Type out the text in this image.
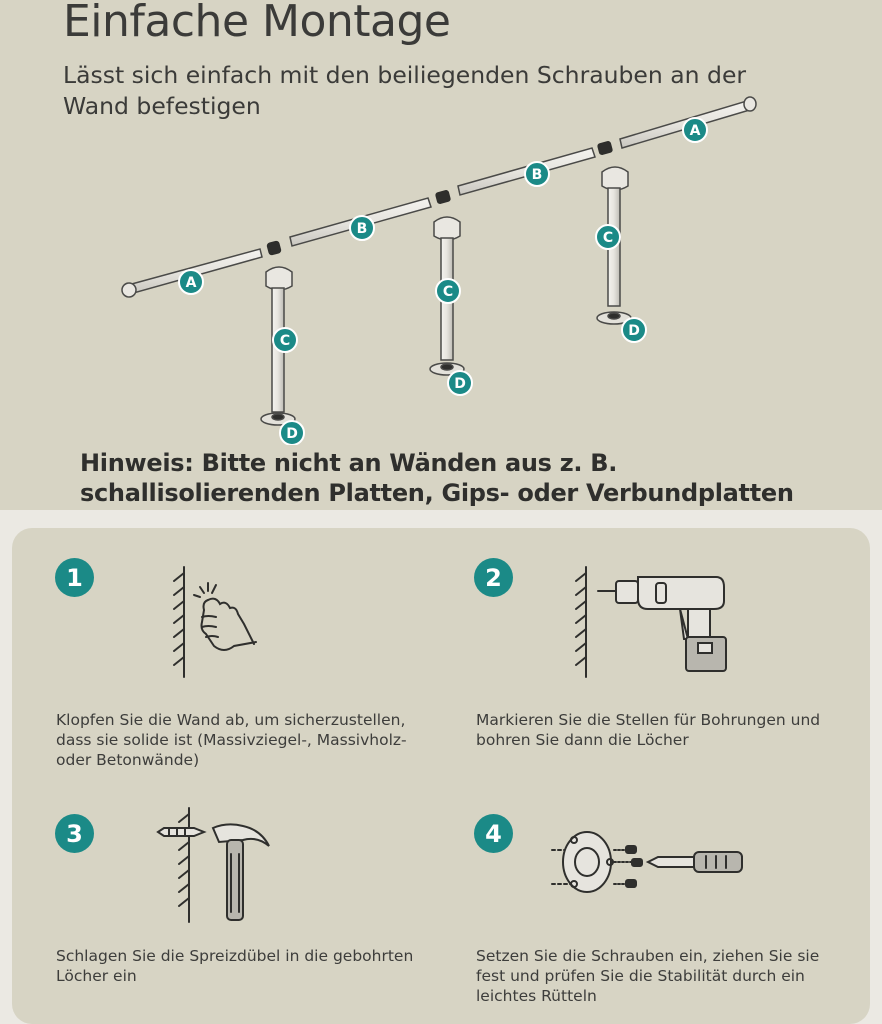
Einfache Montage

Lässt sich einfach mit den beiliegenden Schrauben an der Wand befestigen

A
B
B
A
C
C
C
D
D
D

Hinweis: Bitte nicht an Wänden aus z. B. schallisolierenden Platten, Gips- oder Verbundplatten

1

Klopfen Sie die Wand ab, um sicherzustellen, dass sie solide ist (Massivziegel-, Massivholz- oder Betonwände)

2

Markieren Sie die Stellen für Bohrungen und bohren Sie dann die Löcher

3

Schlagen Sie die Spreizdübel in die gebohrten Löcher ein

4

Setzen Sie die Schrauben ein, ziehen Sie sie fest und prüfen Sie die Stabilität durch ein leichtes Rütteln
